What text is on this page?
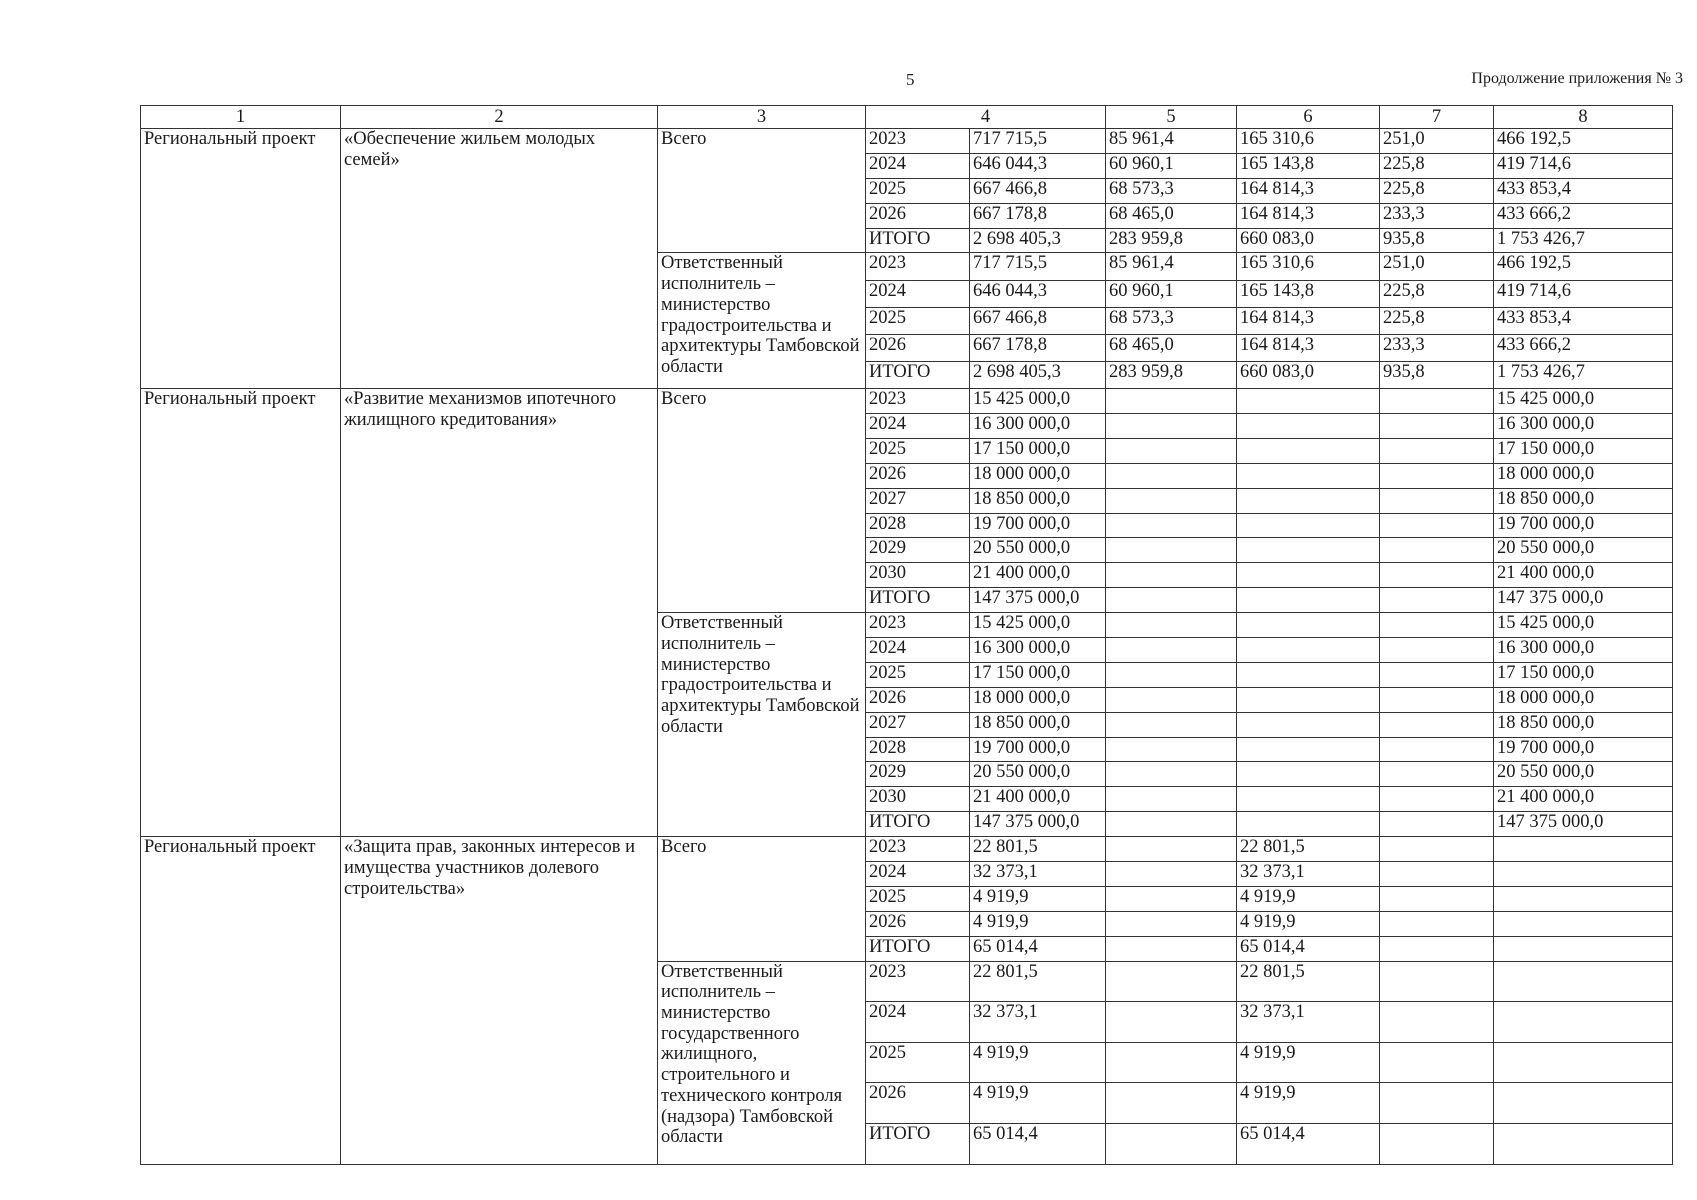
5	Продолжение приложения № 3
1	2	3	4		5	6	7	8
Региональный проект	«Обеспечение жильем молодых семей»	Всего	2023	717 715,5	85 961,4	165 310,6	251,0	466 192,5
			2024	646 044,3	60 960,1	165 143,8	225,8	419 714,6
			2025	667 466,8	68 573,3	164 814,3	225,8	433 853,4
			2026	667 178,8	68 465,0	164 814,3	233,3	433 666,2
			ИТОГО	2 698 405,3	283 959,8	660 083,0	935,8	1 753 426,7
		Ответственный исполнитель – министерство градостроительства и архитектуры Тамбовской области	2023	717 715,5	85 961,4	165 310,6	251,0	466 192,5
			2024	646 044,3	60 960,1	165 143,8	225,8	419 714,6
			2025	667 466,8	68 573,3	164 814,3	225,8	433 853,4
			2026	667 178,8	68 465,0	164 814,3	233,3	433 666,2
			ИТОГО	2 698 405,3	283 959,8	660 083,0	935,8	1 753 426,7
Региональный проект	«Развитие механизмов ипотечного жилищного кредитования»	Всего	2023	15 425 000,0				15 425 000,0
			2024	16 300 000,0				16 300 000,0
			2025	17 150 000,0				17 150 000,0
			2026	18 000 000,0				18 000 000,0
			2027	18 850 000,0				18 850 000,0
			2028	19 700 000,0				19 700 000,0
			2029	20 550 000,0				20 550 000,0
			2030	21 400 000,0				21 400 000,0
			ИТОГО	147 375 000,0				147 375 000,0
		Ответственный исполнитель – министерство градостроительства и архитектуры Тамбовской области	2023	15 425 000,0				15 425 000,0
			2024	16 300 000,0				16 300 000,0
			2025	17 150 000,0				17 150 000,0
			2026	18 000 000,0				18 000 000,0
			2027	18 850 000,0				18 850 000,0
			2028	19 700 000,0				19 700 000,0
			2029	20 550 000,0				20 550 000,0
			2030	21 400 000,0				21 400 000,0
			ИТОГО	147 375 000,0				147 375 000,0
Региональный проект	«Защита прав, законных интересов и имущества участников долевого строительства»	Всего	2023	22 801,5		22 801,5		
			2024	32 373,1		32 373,1		
			2025	4 919,9		4 919,9		
			2026	4 919,9		4 919,9		
			ИТОГО	65 014,4		65 014,4		
		Ответственный исполнитель – министерство государственного жилищного, строительного и технического контроля (надзора) Тамбовской области	2023	22 801,5		22 801,5		
			2024	32 373,1		32 373,1		
			2025	4 919,9		4 919,9		
			2026	4 919,9		4 919,9		
			ИТОГО	65 014,4		65 014,4		
